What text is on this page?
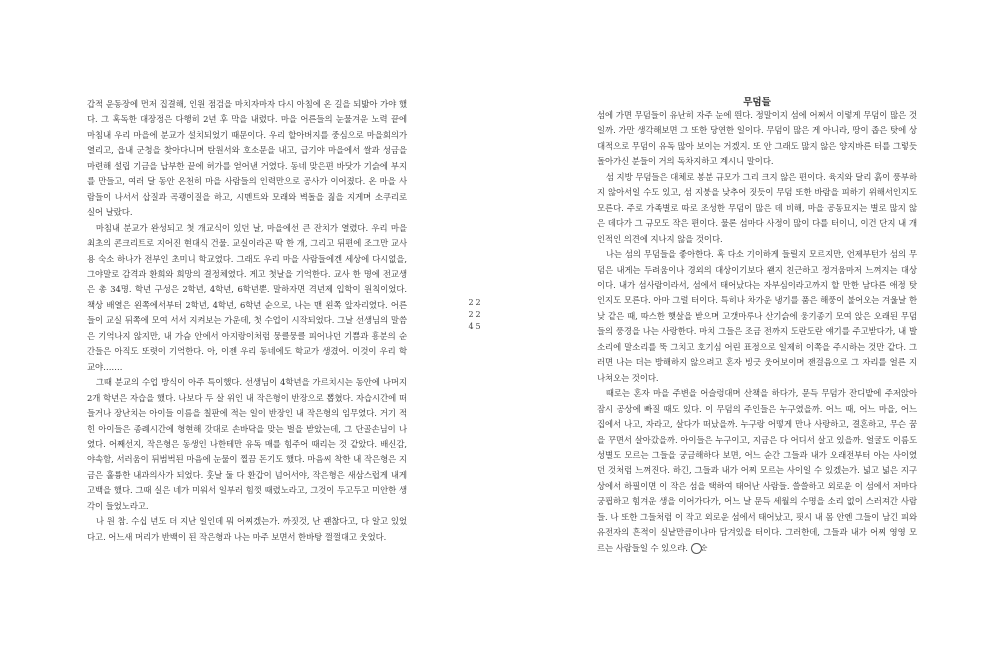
갑적 운동장에 먼저 집결해, 인원 점검을 마치자마자 다시 아침에 온 길을 되밟아 가야 했다. 그 혹독한 대장정은 다행히 2년 후 막을 내렸다. 마을 어른들의 눈물겨운 노력 끝에 마침내 우리 마을에 분교가 설치되었기 때문이다. 우리 할아버지를 중심으로 마을회의가 열리고, 읍내 군청을 찾아다니며 탄원서와 호소문을 내고, 급기야 마을에서 쌀과 성금을 마련해 설립 기금을 납부한 끝에 허가를 얻어낸 거였다. 동네 맞은편 바닷가 기슭에 부지를 만들고, 여러 달 동안 온천히 마을 사람들의 인력만으로 공사가 이어졌다. 온 마을 사람들이 나서서 삽질과 곡괭이질을 하고, 시멘트와 모래와 벽돌을 짊을 지게며 소쿠리로 실어 날랐다.

마침내 분교가 완성되고 첫 개교식이 있던 날, 마을에선 큰 잔치가 열렸다. 우리 마을 최초의 콘크리트로 지어진 현대식 건물. 교실이라곤 딱 한 개, 그리고 뒤편에 조그만 교사용 숙소 하나가 전부인 초미니 학교였다. 그래도 우리 마을 사람들에겐 세상에 다시없을, 그야말로 감격과 환희와 희망의 결정체였다. 게고 첫날을 기억한다. 교사 한 명에 전교생은 총 34명. 학년 구성은 2학년, 4학년, 6학년뿐. 말하자면 격년제 입학이 원칙이었다. 책상 배열은 왼쪽에서부터 2학년, 4학년, 6학년 순으로, 나는 맨 왼쪽 앞자리였다. 어른들이 교실 뒤쪽에 모여 서서 지켜보는 가운데, 첫 수업이 시작되었다. 그날 선생님의 말씀은 기억나지 않지만, 내 가슴 안에서 아지랑이처럼 뭉클뭉클 피어나던 기쁨과 흥분의 순간들은 아직도 또렷이 기억한다. 아, 이젠 우리 동네에도 학교가 생겼어. 이것이 우리 학교야…….

그때 분교의 수업 방식이 아주 특이했다. 선생님이 4학년을 가르치시는 동안에 나머지 2개 학년은 자습을 했다. 나보다 두 살 위인 내 작은형이 반장으로 뽑혔다. 자습시간에 떠들거나 장난치는 아이들 이름을 칠판에 적는 일이 반장인 내 작은형의 임무였다. 거기 적힌 아이들은 종례시간에 형현해 갓대로 손바닥을 맞는 벌을 받았는데, 그 단골손님이 나였다. 어째선지, 작은형은 동생인 나한테만 유독 매를 힘주어 때리는 것 같았다. 배신감, 야속함, 서러움이 뒤범벅된 마음에 눈물이 찔끔 돈기도 했다. 마음씨 착한 내 작은형은 지금은 훌륭한 내과의사가 되었다. 훗날 둘 다 환갑이 넘어서야, 작은형은 새삼스럽게 내게 고백을 했다. 그때 실은 네가 미워서 일부러 힘껏 때렸노라고, 그것이 두고두고 미안한 생각이 들었노라고.

나 원 참. 수십 년도 더 지난 일인데 뭐 어찌겠는가. 까짓것, 난 괜찮다고, 다 알고 있었다고. 어느새 머리가 반백이 된 작은형과 나는 마주 보면서 한바탕 껄껄대고 웃었다.

224
무덤들

섬에 가면 무덤들이 유난히 자주 눈에 띈다. 정말이지 섬에 어쩌서 이렇게 무덤이 많은 것일까. 가만 생각해보면 그 또한 당연한 일이다. 무덤이 많은 게 아니라, 땅이 좁은 탓에 상대적으로 무덤이 유독 많아 보이는 거겠지. 또 안 그래도 많지 않은 양지바른 터를 그렇듯 돌아가신 분들이 거의 독차지하고 계시니 말이다.

섬 지방 무덤들은 대체로 봉분 규모가 그리 크지 않은 편이다. 육지와 달리 흙이 풍부하지 않아서일 수도 있고, 섬 지붕을 낮추어 짓듯이 무덤 또한 바람을 피하기 위해서인지도 모른다. 주로 가족별로 따로 조성한 무덤이 많은 데 비해, 마을 공동묘지는 별로 많지 않은 데다가 그 규모도 작은 편이다. 물론 섬마다 사정이 많이 다를 터이니, 이건 단지 내 개인적인 의견에 지나지 않을 것이다.

나는 섬의 무덤들을 좋아한다. 혹 다소 기이하게 들릴지 모르지만, 언제부턴가 섬의 무덤은 내게는 두려움이나 경외의 대상이기보다 왠지 친근하고 정겨움마저 느껴지는 대상이다. 내가 섬사람이라서, 섬에서 태어났다는 자부심이라고까지 할 만한 남다른 애정 탓인지도 모른다. 아마 그럴 터이다. 특히나 차가운 냉기를 품은 해풍이 불어오는 겨울날 한낮 같은 때, 따스한 햇살을 받으며 고갯마루나 산기슭에 웅기종기 모여 앉은 오래된 무덤들의 풍경을 나는 사랑한다. 마치 그들은 조금 전까지 도란도란 얘기를 주고받다가, 내 발소리에 말소리를 뚝 그치고 호기심 어린 표정으로 일제히 이쪽을 주시하는 것만 같다. 그러면 나는 더는 방해하지 않으려고 혼자 빙긋 웃어보이며 잰걸음으로 그 자리를 얼른 지나쳐오는 것이다.

때로는 혼자 마을 주변을 어슬렁대며 산책을 하다가, 문득 무덤가 잔디밭에 주저앉아 잠시 공상에 빠질 때도 있다. 이 무덤의 주인들은 누구였을까. 어느 때, 어느 마을, 어느 집에서 나고, 자라고, 살다가 떠났을까. 누구랑 어떻게 만나 사랑하고, 결혼하고, 무슨 꿈을 꾸면서 살아갔을까. 아이들은 누구이고, 지금은 다 어디서 살고 있을까. 얼굴도 이름도 성별도 모르는 그들을 궁금해하다 보면, 어느 순간 그들과 내가 오래전부터 아는 사이였던 것처럼 느껴진다. 하긴, 그들과 내가 어찌 모르는 사이일 수 있겠는가. 넓고 넓은 지구상에서 하필이면 이 작은 섬을 택하여 태어난 사람들. 쓸쓸하고 외로운 이 섬에서 저마다 궁핍하고 힘겨운 생을 이어가다가, 어느 날 문득 세월의 수명을 소리 없이 스러져간 사람들. 나 또한 그들처럼 이 작고 외로운 섬에서 태어났고, 핏시 내 몸 안엔 그들이 남긴 피와 유전자의 흔적이 실낱만큼이나마 담겨있을 터이다. 그러한데, 그들과 내가 어찌 영영 모르는 사람들일 수 있으랴. 순

225
